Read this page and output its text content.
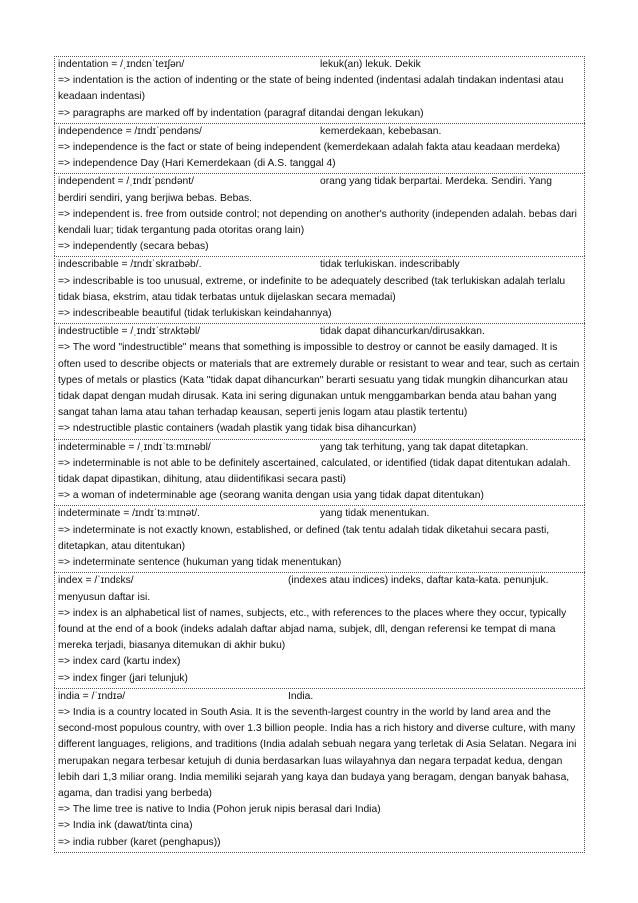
indentation = /ˌɪndɛnˈteɪʃən/	lekuk(an) lekuk. Dekik

=> indentation is the action of indenting or the state of being indented (indentasi adalah tindakan indentasi atau keadaan indentasi)

=> paragraphs are marked off by indentation (paragraf ditandai dengan lekukan)

independence = /ɪndɪˈpendəns/	kemerdekaan, kebebasan.

=> independence is the fact or state of being independent (kemerdekaan adalah fakta atau keadaan merdeka)

=> independence Day (Hari Kemerdekaan (di A.S. tanggal 4)

independent = /ˌɪndɪˈpɛndənt/	orang yang tidak berpartai. Merdeka. Sendiri. Yang berdiri sendiri, yang berjiwa bebas. Bebas.

=> independent is. free from outside control; not depending on another's authority (independen adalah. bebas dari kendali luar; tidak tergantung pada otoritas orang lain)

=> independently (secara bebas)

indescribable = /ɪndɪˈskraɪbəb/.	tidak terlukiskan. indescribably

=> indescribable is too unusual, extreme, or indefinite to be adequately described (tak terlukiskan adalah terlalu tidak biasa, ekstrim, atau tidak terbatas untuk dijelaskan secara memadai)

=> indescribeable beautiful (tidak terlukiskan keindahannya)

indestructible = /ˌɪndɪˈstrʌktəbl/	tidak dapat dihancurkan/dirusakkan.

=> The word "indestructible" means that something is impossible to destroy or cannot be easily damaged. It is often used to describe objects or materials that are extremely durable or resistant to wear and tear, such as certain types of metals or plastics (Kata "tidak dapat dihancurkan" berarti sesuatu yang tidak mungkin dihancurkan atau tidak dapat dengan mudah dirusak. Kata ini sering digunakan untuk menggambarkan benda atau bahan yang sangat tahan lama atau tahan terhadap keausan, seperti jenis logam atau plastik tertentu)

=> ndestructible plastic containers (wadah plastik yang tidak bisa dihancurkan)

indeterminable = /ˌɪndɪˈtɜːmɪnəbl/	yang tak terhitung, yang tak dapat ditetapkan.

=> indeterminable is not able to be definitely ascertained, calculated, or identified (tidak dapat ditentukan adalah. tidak dapat dipastikan, dihitung, atau diidentifikasi secara pasti)

=> a woman of indeterminable age (seorang wanita dengan usia yang tidak dapat ditentukan)

indeterminate = /ɪndɪˈtɜːmɪnət/.	yang tidak menentukan.

=> indeterminate is not exactly known, established, or defined (tak tentu adalah tidak diketahui secara pasti, ditetapkan, atau ditentukan)

=> indeterminate sentence (hukuman yang tidak menentukan)

index = /ˈɪndɛks/	(indexes atau indices) indeks, daftar kata-kata. penunjuk. menyusun daftar isi.

=> index is an alphabetical list of names, subjects, etc., with references to the places where they occur, typically found at the end of a book (indeks adalah daftar abjad nama, subjek, dll, dengan referensi ke tempat di mana mereka terjadi, biasanya ditemukan di akhir buku)

=> index card (kartu index)

=> index finger (jari telunjuk)

india = /ˈɪndɪə/	India.

=> India is a country located in South Asia. It is the seventh-largest country in the world by land area and the second-most populous country, with over 1.3 billion people. India has a rich history and diverse culture, with many different languages, religions, and traditions (India adalah sebuah negara yang terletak di Asia Selatan. Negara ini merupakan negara terbesar ketujuh di dunia berdasarkan luas wilayahnya dan negara terpadat kedua, dengan lebih dari 1,3 miliar orang. India memiliki sejarah yang kaya dan budaya yang beragam, dengan banyak bahasa, agama, dan tradisi yang berbeda)

=> The lime tree is native to India (Pohon jeruk nipis berasal dari India)

=> India ink (dawat/tinta cina)

=> india rubber (karet (penghapus))
